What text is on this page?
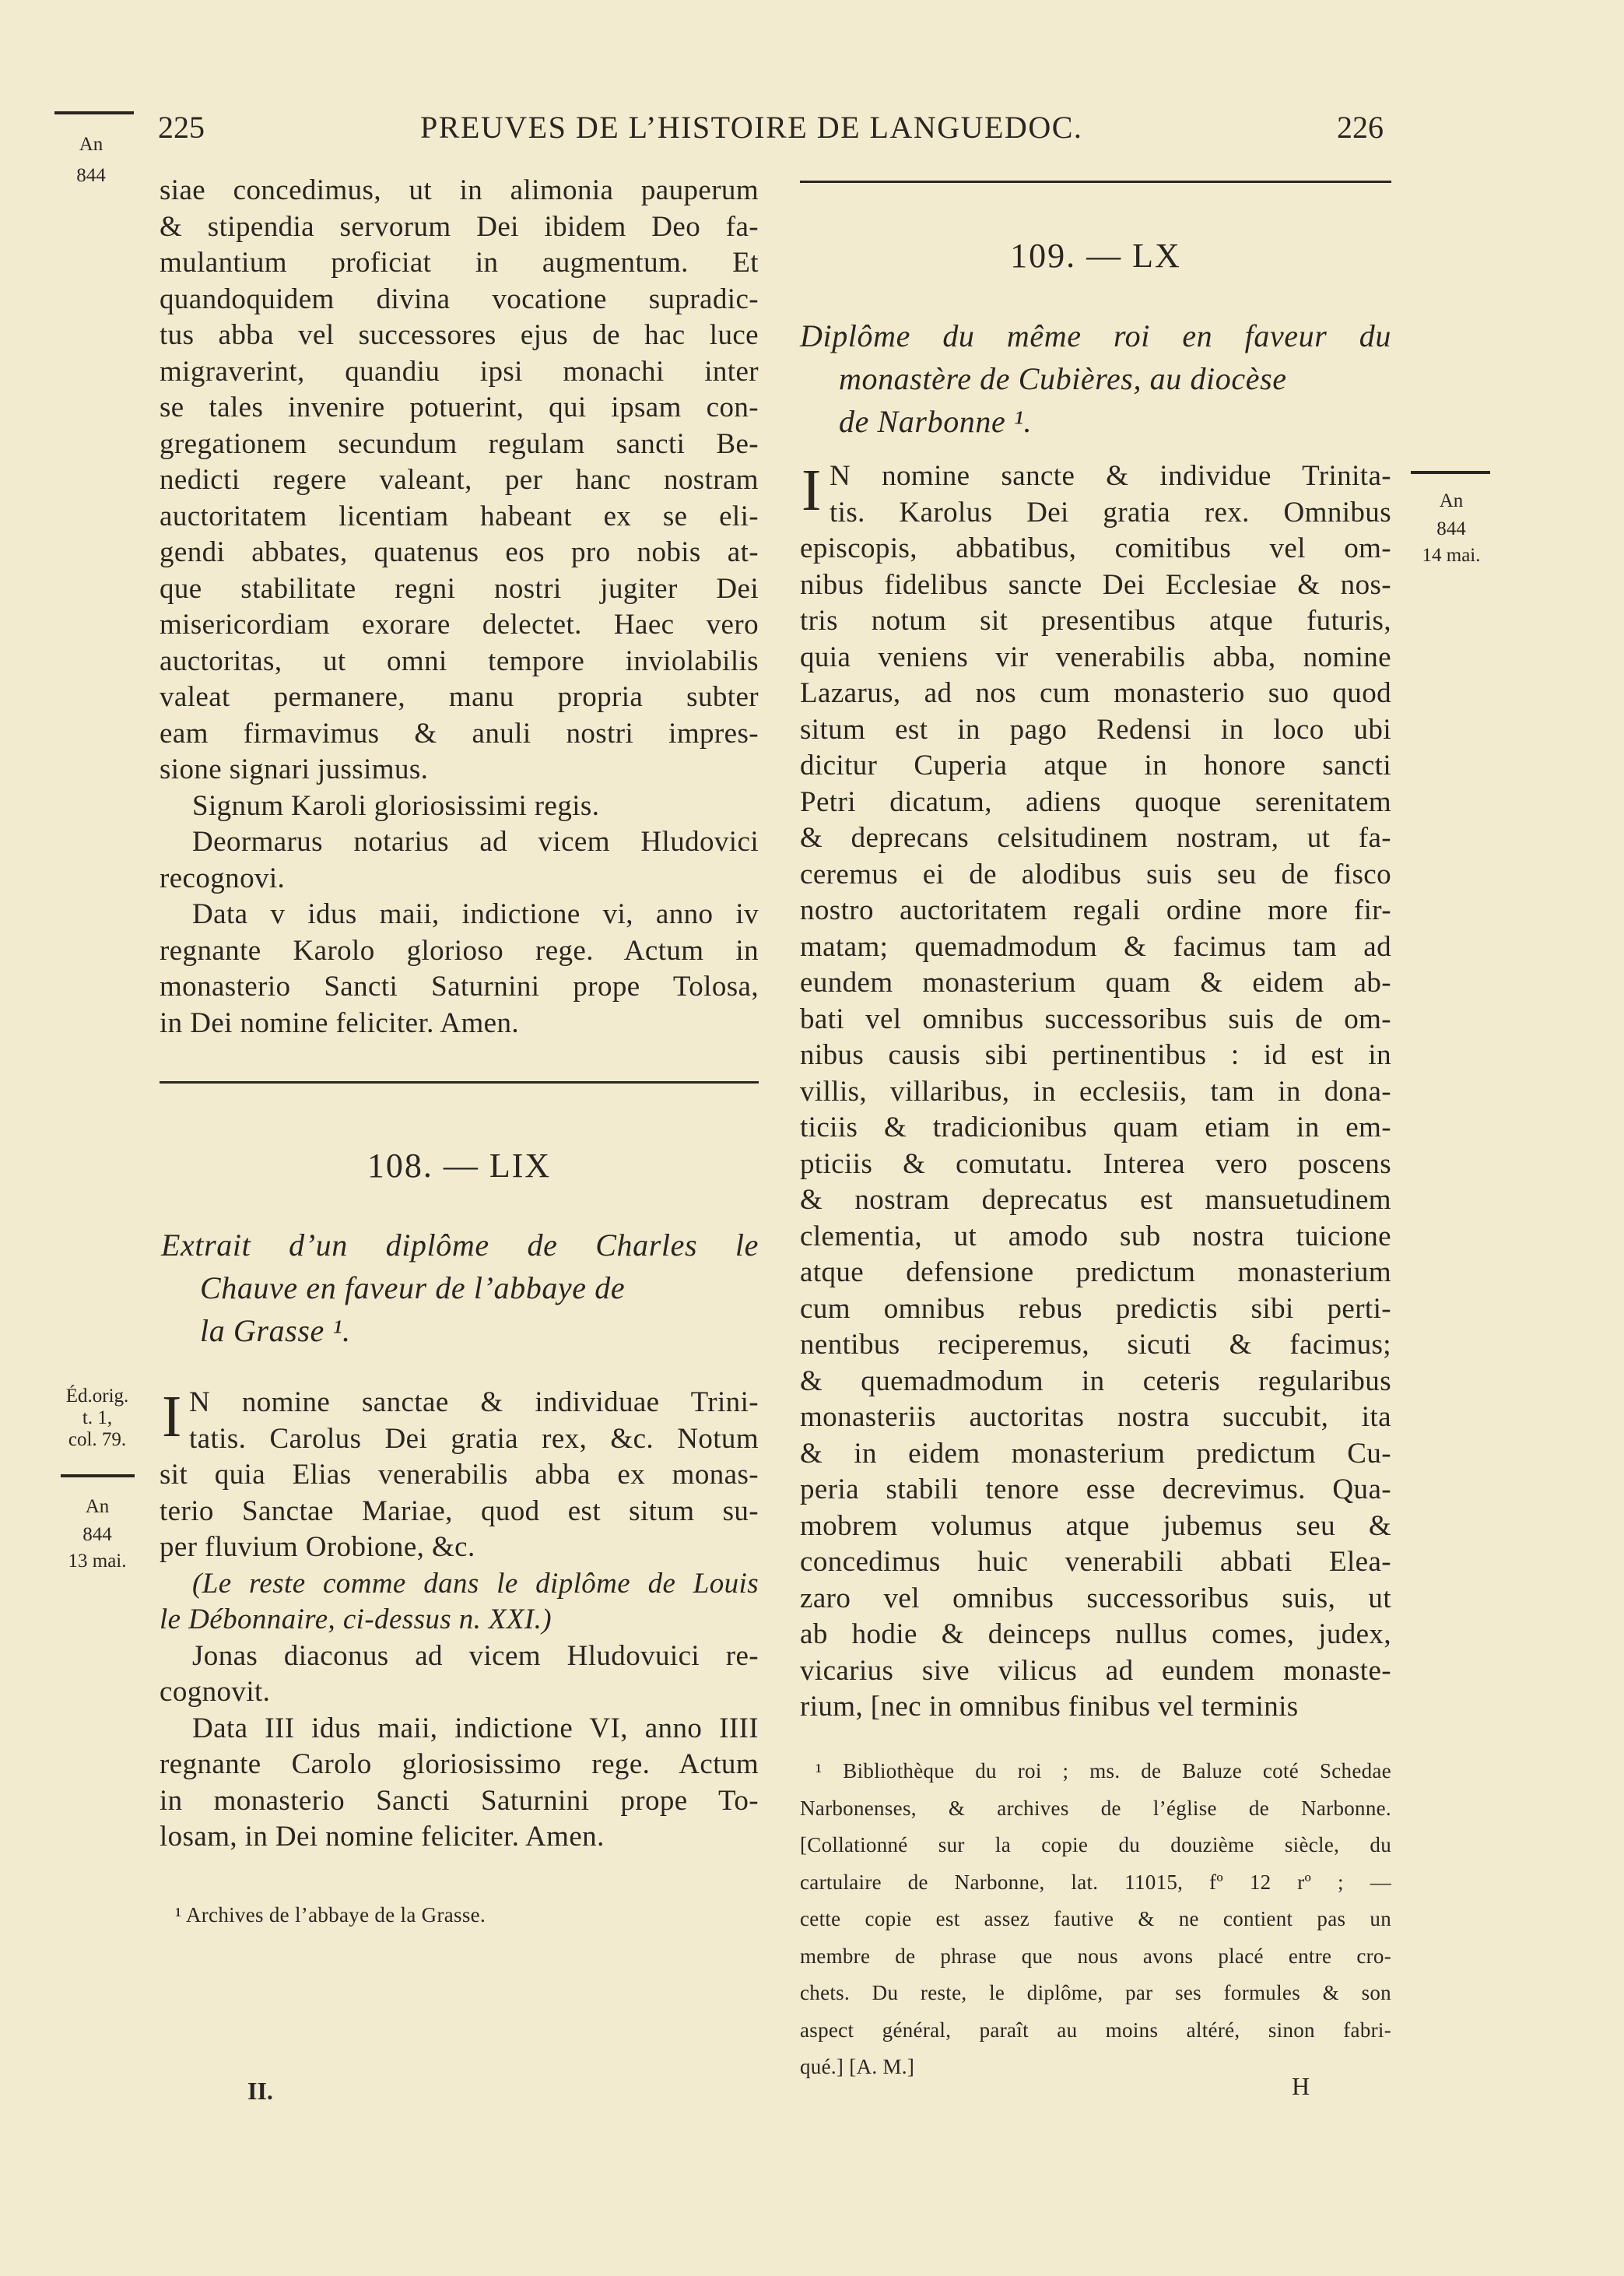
225	PREUVES DE L’HISTOIRE DE LANGUEDOC.	226
An
844
An
844
14 mai.
Éd.orig.
t. 1,
col. 79.
An
844
13 mai.
siae concedimus, ut in alimonia pauperum
& stipendia servorum Dei ibidem Deo fa-
mulantium proficiat in augmentum. Et
quandoquidem divina vocatione supradic-
tus abba vel successores ejus de hac luce
migraverint, quandiu ipsi monachi inter
se tales invenire potuerint, qui ipsam con-
gregationem secundum regulam sancti Be-
nedicti regere valeant, per hanc nostram
auctoritatem licentiam habeant ex se eli-
gendi abbates, quatenus eos pro nobis at-
que stabilitate regni nostri jugiter Dei
misericordiam exorare delectet. Haec vero
auctoritas, ut omni tempore inviolabilis
valeat permanere, manu propria subter
eam firmavimus & anuli nostri impres-
sione signari jussimus.
Signum Karoli gloriosissimi regis.
Deormarus notarius ad vicem Hludovici
recognovi.
Data v idus maii, indictione vi, anno iv
regnante Karolo glorioso rege. Actum in
monasterio Sancti Saturnini prope Tolosa,
in Dei nomine feliciter. Amen.
108. — LIX
Extrait d’un diplôme de Charles le
Chauve en faveur de l’abbaye de
la Grasse ¹.
I N nomine sanctae & individuae Trini-
tatis. Carolus Dei gratia rex, &c. Notum
sit quia Elias venerabilis abba ex monas-
terio Sanctae Mariae, quod est situm su-
per fluvium Orobione, &c.
(Le reste comme dans le diplôme de Louis
le Débonnaire, ci-dessus n. XXI.)
Jonas diaconus ad vicem Hludovuici re-
cognovit.
Data III idus maii, indictione VI, anno IIII
regnante Carolo gloriosissimo rege. Actum
in monasterio Sancti Saturnini prope To-
losam, in Dei nomine feliciter. Amen.
¹ Archives de l’abbaye de la Grasse.
109. — LX
Diplôme du même roi en faveur du
monastère de Cubières, au diocèse
de Narbonne ¹.
I N nomine sancte & individue Trinita-
tis. Karolus Dei gratia rex. Omnibus
episcopis, abbatibus, comitibus vel om-
nibus fidelibus sancte Dei Ecclesiae & nos-
tris notum sit presentibus atque futuris,
quia veniens vir venerabilis abba, nomine
Lazarus, ad nos cum monasterio suo quod
situm est in pago Redensi in loco ubi
dicitur Cuperia atque in honore sancti
Petri dicatum, adiens quoque serenitatem
& deprecans celsitudinem nostram, ut fa-
ceremus ei de alodibus suis seu de fisco
nostro auctoritatem regali ordine more fir-
matam; quemadmodum & facimus tam ad
eundem monasterium quam & eidem ab-
bati vel omnibus successoribus suis de om-
nibus causis sibi pertinentibus : id est in
villis, villaribus, in ecclesiis, tam in dona-
ticiis & tradicionibus quam etiam in em-
pticiis & comutatu. Interea vero poscens
& nostram deprecatus est mansuetudinem
clementia, ut amodo sub nostra tuicione
atque defensione predictum monasterium
cum omnibus rebus predictis sibi perti-
nentibus reciperemus, sicuti & facimus;
& quemadmodum in ceteris regularibus
monasteriis auctoritas nostra succubit, ita
& in eidem monasterium predictum Cu-
peria stabili tenore esse decrevimus. Qua-
mobrem volumus atque jubemus seu &
concedimus huic venerabili abbati Elea-
zaro vel omnibus successoribus suis, ut
ab hodie & deinceps nullus comes, judex,
vicarius sive vilicus ad eundem monaste-
rium, [nec in omnibus finibus vel terminis
¹ Bibliothèque du roi ; ms. de Baluze coté Schedae
Narbonenses, & archives de l’église de Narbonne.
[Collationné sur la copie du douzième siècle, du
cartulaire de Narbonne, lat. 11015, fº 12 rº ; —
cette copie est assez fautive & ne contient pas un
membre de phrase que nous avons placé entre cro-
chets. Du reste, le diplôme, par ses formules & son
aspect général, paraît au moins altéré, sinon fabri-
qué.] [A. M.]
II.	H
